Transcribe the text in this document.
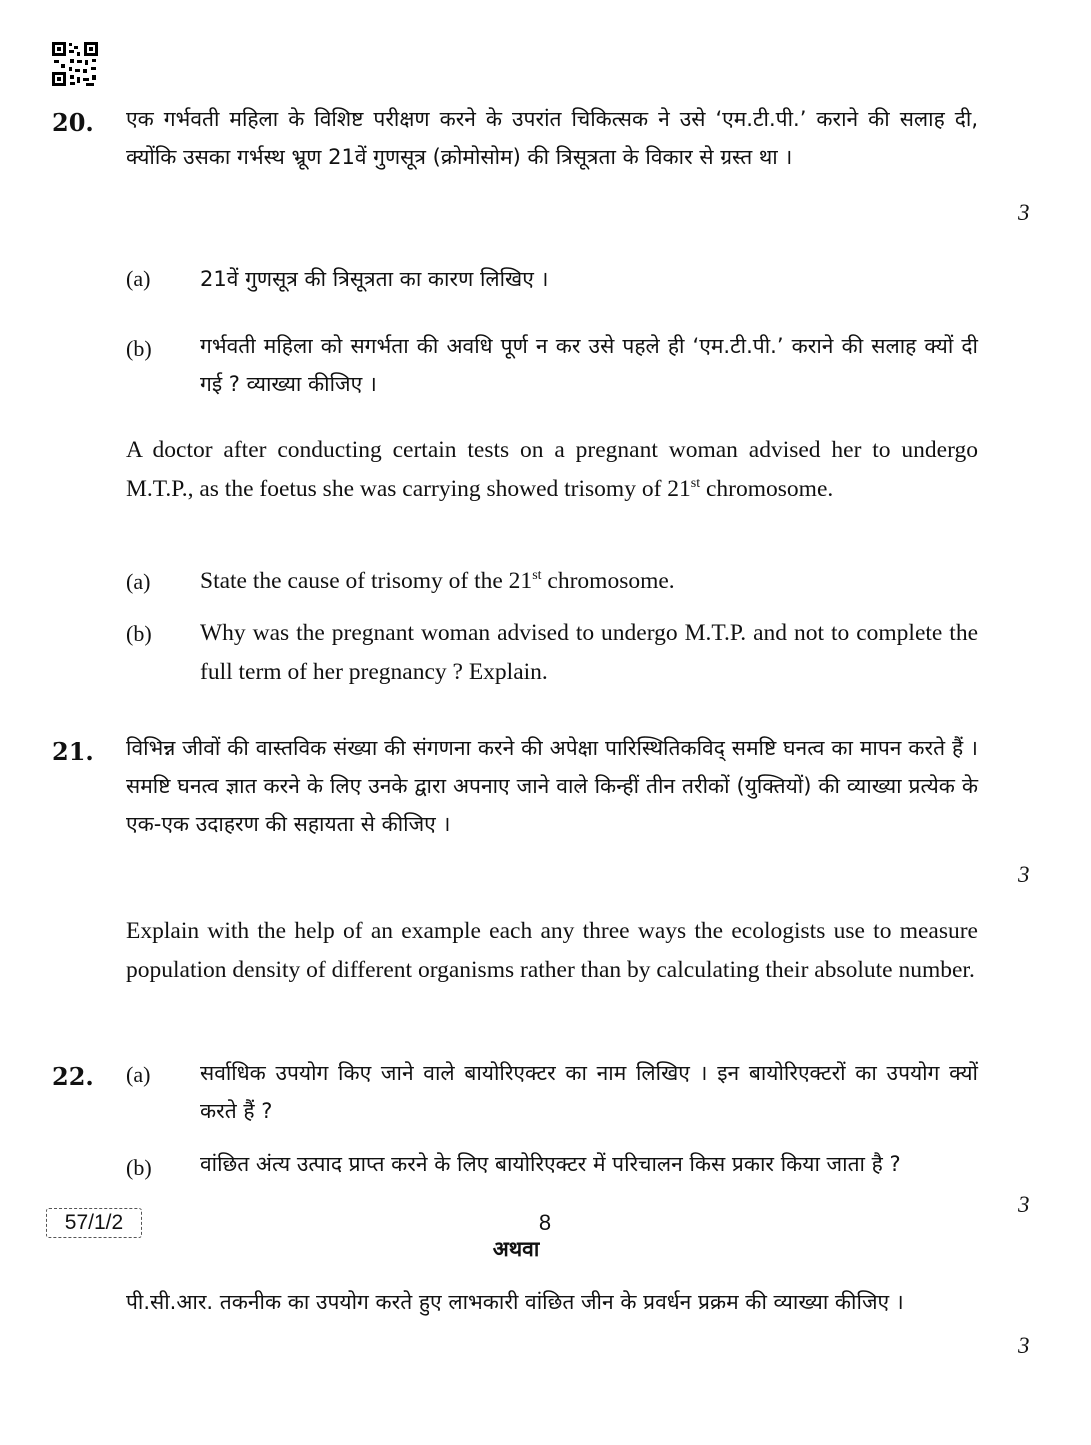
20. एक गर्भवती महिला के विशिष्ट परीक्षण करने के उपरांत चिकित्सक ने उसे ‘एम.टी.पी.’ कराने की सलाह दी, क्योंकि उसका गर्भस्थ भ्रूण 21वें गुणसूत्र (क्रोमोसोम) की त्रिसूत्रता के विकार से ग्रस्त था ।
3
(a) 21वें गुणसूत्र की त्रिसूत्रता का कारण लिखिए ।
(b) गर्भवती महिला को सगर्भता की अवधि पूर्ण न कर उसे पहले ही ‘एम.टी.पी.’ कराने की सलाह क्यों दी गई ? व्याख्या कीजिए ।
A doctor after conducting certain tests on a pregnant woman advised her to undergo M.T.P., as the foetus she was carrying showed trisomy of 21st chromosome.
(a) State the cause of trisomy of the 21st chromosome.
(b) Why was the pregnant woman advised to undergo M.T.P. and not to complete the full term of her pregnancy ? Explain.
21. विभिन्न जीवों की वास्तविक संख्या की संगणना करने की अपेक्षा पारिस्थितिकविद् समष्टि घनत्व का मापन करते हैं । समष्टि घनत्व ज्ञात करने के लिए उनके द्वारा अपनाए जाने वाले किन्हीं तीन तरीकों (युक्तियों) की व्याख्या प्रत्येक के एक-एक उदाहरण की सहायता से कीजिए ।
3
Explain with the help of an example each any three ways the ecologists use to measure population density of different organisms rather than by calculating their absolute number.
22. (a) सर्वाधिक उपयोग किए जाने वाले बायोरिएक्टर का नाम लिखिए । इन बायोरिएक्टरों का उपयोग क्यों करते हैं ?
(b) वांछित अंत्य उत्पाद प्राप्त करने के लिए बायोरिएक्टर में परिचालन किस प्रकार किया जाता है ?
3
अथवा
पी.सी.आर. तकनीक का उपयोग करते हुए लाभकारी वांछित जीन के प्रवर्धन प्रक्रम की व्याख्या कीजिए ।
3
57/1/2	8
